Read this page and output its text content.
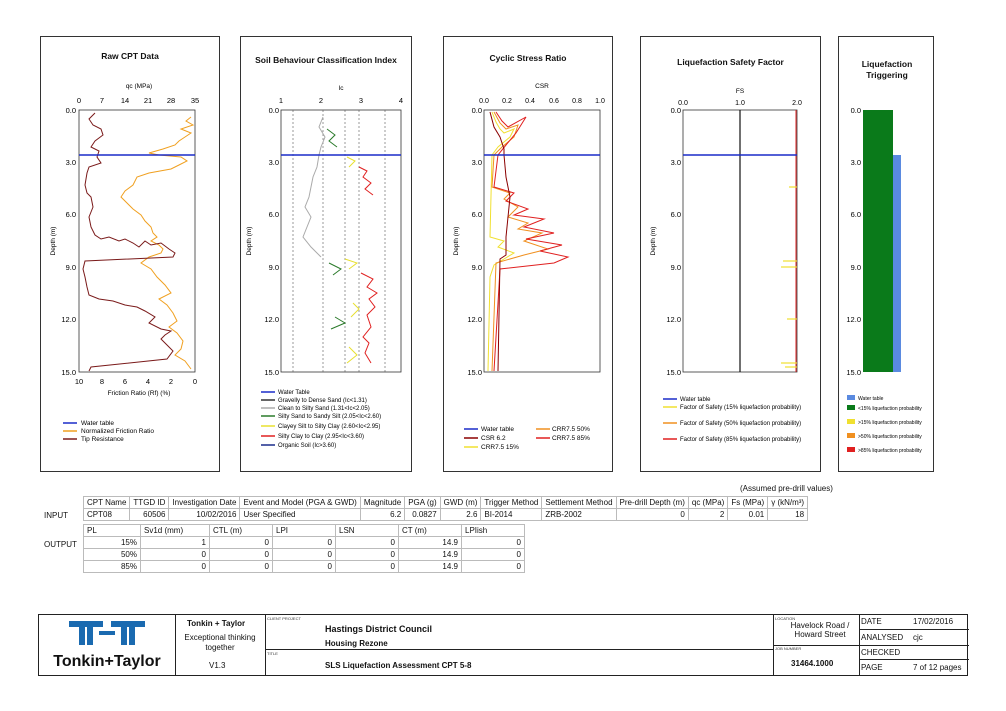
Raw CPT Data
qc (MPa)
0	7 14 21 28 35
0.0
3.0
6.0
9.0
12.0
15.0
Depth (m)
Friction Ratio (Rf) (%)
10 8	6	4	2	0
Water table
Normalized Friction Ratio
Tip Resistance
Soil Behaviour Classification Index
Ic
1	2	3	4
0.0
3.0
6.0
9.0
12.0
15.0
Depth (m)
Water Table
Gravelly to Dense Sand (Ic<1.31)
Clean to Silty Sand (1.31<Ic<2.05)
Silty Sand to Sandy Silt (2.05<Ic<2.60)
Clayey Silt to Silty Clay (2.60<Ic<2.95)
Silty Clay to Clay (2.95<Ic<3.60)
Organic Soil (Ic>3.60)
Cyclic Stress Ratio
CSR
0.0 0.2 0.4 0.6 0.8 1.0
0.0
3.0
6.0
9.0
12.0
15.0
Depth (m)
Water table
CSR 6.2
CRR7.5 15%
CRR7.5 50%
CRR7.5 85%
Liquefaction Safety Factor
FS
0.0	1.0	2.0
0.0
3.0
6.0
9.0
12.0
15.0
Depth (m)
Water table
Factor of Safety (15% liquefaction probability)
Factor of Safety (50% liquefaction probability)
Factor of Safety (85% liquefaction probability)
Liquefaction Triggering
0.0
3.0
6.0
9.0
12.0
15.0
Water table
<15% liquefaction probability
>15% liquefaction probability
>50% liquefaction probability
>85% liquefaction probability
(Assumed pre-drill values)
INPUT
CPT Name	TTGD ID	Investigation Date	Event and Model (PGA & GWD)	Magnitude	PGA (g)	GWD (m)	Trigger Method	Settlement Method	Pre-drill Depth (m)	qc (MPa)	Fs (MPa)	γ (kN/m³)
CPT08	60506	10/02/2016	User Specified	6.2	0.0827	2.6	BI-2014	ZRB-2002	0	2	0.01	18
OUTPUT
PL	Sv1d (mm)	CTL (m)	LPI	LSN	CT (m)	LPIish
15%	1	0	0	0	14.9	0
50%	0	0	0	0	14.9	0
85%	0	0	0	0	14.9	0
Tonkin+Taylor
Tonkin + Taylor
Exceptional thinking together
V1.3
CLIENT PROJECT
Hastings District Council
Housing Rezone
TITLE
SLS Liquefaction Assessment CPT 5-8
LOCATION
Havelock Road / Howard Street
JOB NUMBER
31464.1000
DATE	17/02/2016
ANALYSED cjc
CHECKED
PAGE	7 of 12 pages
